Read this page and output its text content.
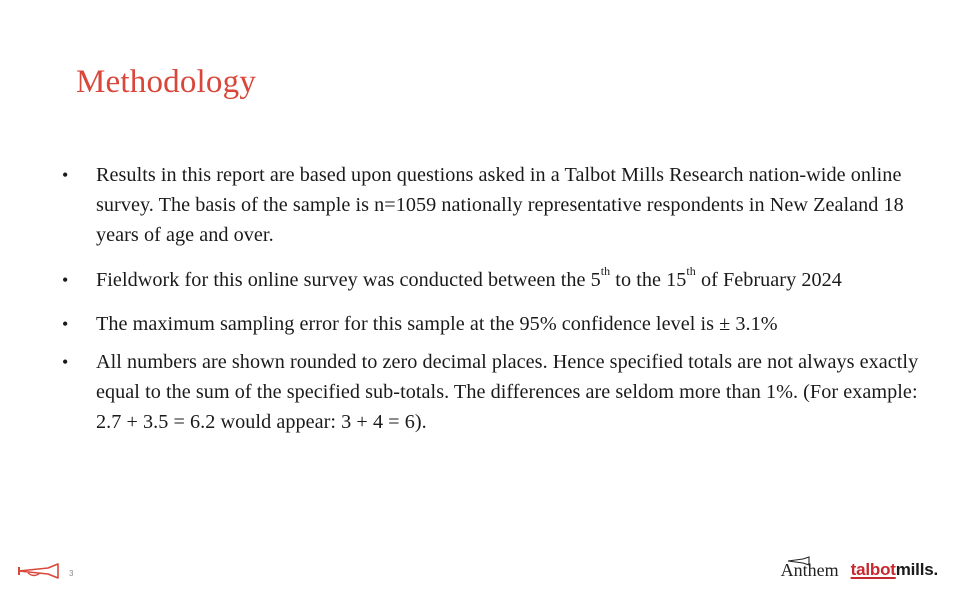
Methodology
• Results in this report are based upon questions asked in a Talbot Mills Research nation-wide online survey. The basis of the sample is n=1059 nationally representative respondents in New Zealand 18 years of age and over.
• Fieldwork for this online survey was conducted between the 5th to the 15th of February 2024
• The maximum sampling error for this sample at the 95% confidence level is ± 3.1%
• All numbers are shown rounded to zero decimal places. Hence specified totals are not always exactly equal to the sum of the specified sub-totals. The differences are seldom more than 1%. (For example: 2.7 + 3.5 = 6.2 would appear: 3 + 4 = 6).
3	Anthem talbotmills.
